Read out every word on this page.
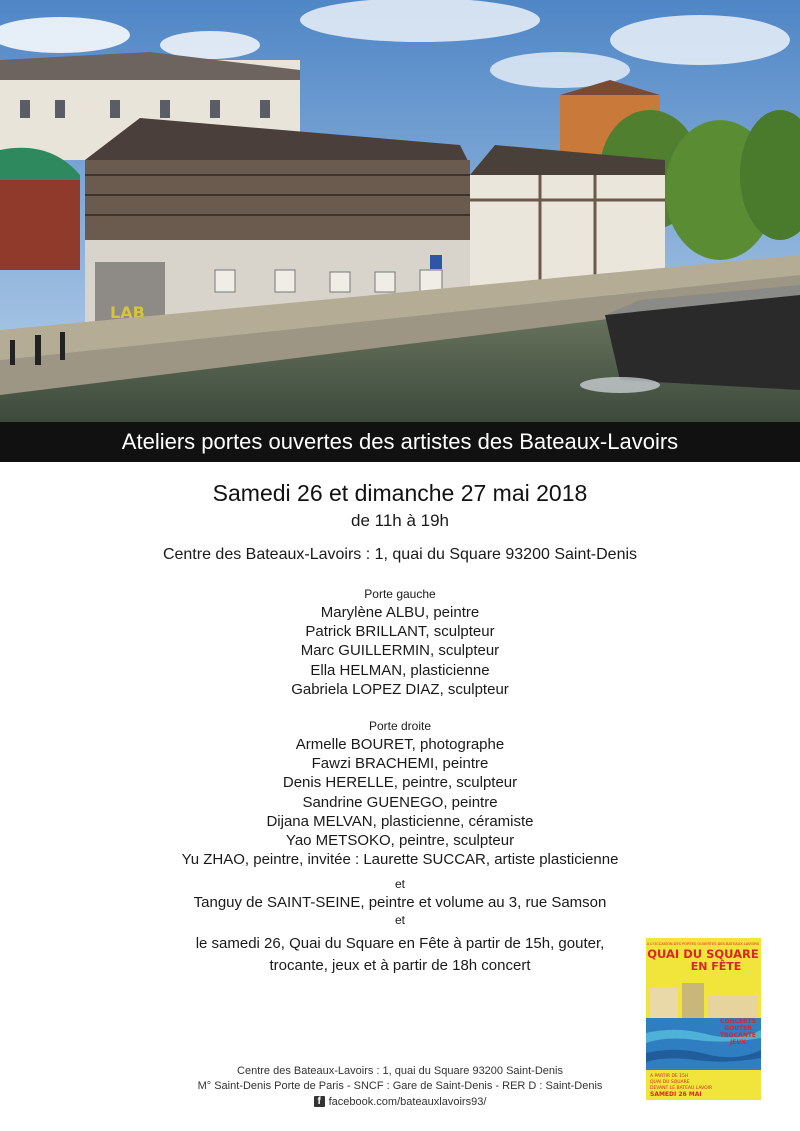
LAB
Ateliers portes ouvertes des artistes des Bateaux-Lavoirs
Samedi 26 et dimanche 27 mai 2018
de 11h à 19h
Centre des Bateaux-Lavoirs : 1, quai du Square 93200 Saint-Denis
Porte gauche
Marylène ALBU, peintre
Patrick BRILLANT, sculpteur
Marc GUILLERMIN, sculpteur
Ella HELMAN, plasticienne
Gabriela LOPEZ DIAZ, sculpteur
Porte droite
Armelle BOURET, photographe
Fawzi BRACHEMI, peintre
Denis HERELLE, peintre, sculpteur
Sandrine GUENEGO, peintre
Dijana MELVAN, plasticienne, céramiste
Yao METSOKO, peintre, sculpteur
Yu ZHAO, peintre, invitée : Laurette SUCCAR, artiste plasticienne
et
Tanguy de SAINT-SEINE, peintre et volume au 3, rue Samson
et
le samedi 26, Quai du Square en Fête à partir de 15h, gouter,
trocante, jeux et à partir de 18h concert
A L'OCCASION DES PORTES OUVERTES DES BATEAUX LAVOIRS
QUAI DU SQUARE
EN FÊTE
CONCERTS
GOUTER
TROCANTE
JEUX
A PARTIR DE 15H
QUAI DU SQUARE
DEVANT LE BATEAU LAVOIR
SAMEDI 26 MAI
Centre des Bateaux-Lavoirs : 1, quai du Square 93200 Saint-Denis
M° Saint-Denis Porte de Paris - SNCF : Gare de Saint-Denis - RER D : Saint-Denis
f facebook.com/bateauxlavoirs93/
